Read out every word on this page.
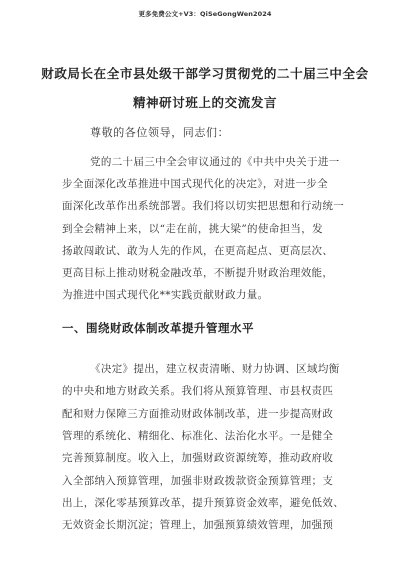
更多免费公文+V3：QiSeGongWen2024
财政局长在全市县处级干部学习贯彻党的二十届三中全会
精神研讨班上的交流发言
尊敬的各位领导，同志们：
党的二十届三中全会审议通过的《中共中央关于进一
步全面深化改革推进中国式现代化的决定》，对进一步全
面深化改革作出系统部署。我们将以切实把思想和行动统一
到全会精神上来，以“走在前，挑大梁”的使命担当，发
扬敢闯敢试、敢为人先的作风，在更高起点、更高层次、
更高目标上推动财税金融改革，不断提升财政治理效能，
为推进中国式现代化**实践贡献财政力量。
一、围绕财政体制改革提升管理水平
《决定》提出，建立权责清晰、财力协调、区域均衡
的中央和地方财政关系。我们将从预算管理、市县权责匹
配和财力保障三方面推动财政体制改革，进一步提高财政
管理的系统化、精细化、标准化、法治化水平。一是健全
完善预算制度。收入上，加强财政资源统筹，推动政府收
入全部纳入预算管理，加强非财政拨款资金预算管理；支
出上，深化零基预算改革，提升预算资金效率，避免低效、
无效资金长期沉淀；管理上，加强预算绩效管理，加强预
